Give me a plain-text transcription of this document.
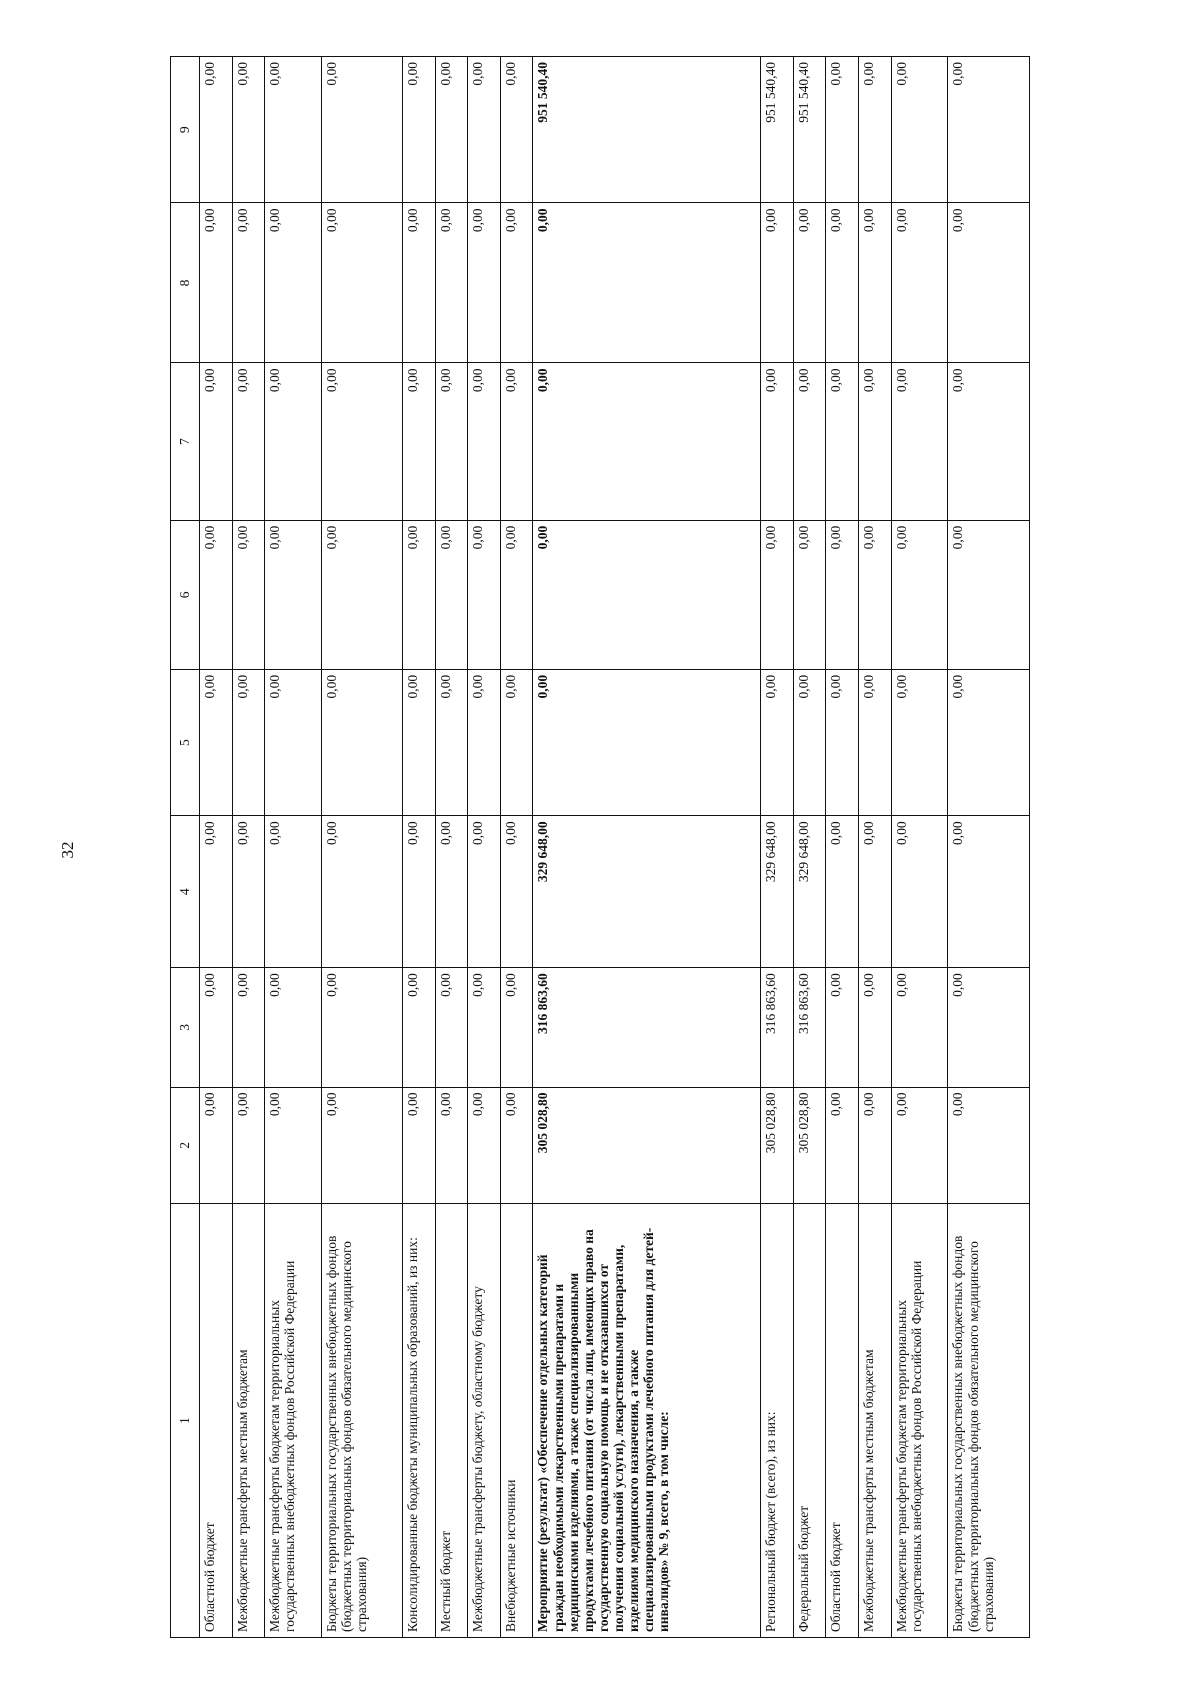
32
1	2	3	4	5	6	7	8	9
Областной бюджет	0,00	0,00	0,00	0,00	0,00	0,00	0,00	0,00
Межбюджетные трансферты местным бюджетам	0,00	0,00	0,00	0,00	0,00	0,00	0,00	0,00
Межбюджетные трансферты бюджетам территориальных государственных внебюджетных фондов Российской Федерации	0,00	0,00	0,00	0,00	0,00	0,00	0,00	0,00
Бюджеты территориальных государственных внебюджетных фондов (бюджетных территориальных фондов обязательного медицинского страхования)	0,00	0,00	0,00	0,00	0,00	0,00	0,00	0,00
Консолидированные бюджеты муниципальных образований, из них:	0,00	0,00	0,00	0,00	0,00	0,00	0,00	0,00
Местный бюджет	0,00	0,00	0,00	0,00	0,00	0,00	0,00	0,00
Межбюджетные трансферты бюджету, областному бюджету	0,00	0,00	0,00	0,00	0,00	0,00	0,00	0,00
Внебюджетные источники	0,00	0,00	0,00	0,00	0,00	0,00	0,00	0,00
Мероприятие (результат) «Обеспечение отдельных категорий граждан необходимыми лекарственными препаратами и медицинскими изделиями, а также специализированными продуктами лечебного питания (от числа лиц, имеющих право на государственную социальную помощь и не отказавшихся от получения социальной услуги), лекарственными препаратами, изделиями медицинского назначения, а также специализированными продуктами лечебного питания для детей-инвалидов» № 9, всего, в том числе:	305 028,80	316 863,60	329 648,00	0,00	0,00	0,00	0,00	951 540,40
Региональный бюджет (всего), из них:	305 028,80	316 863,60	329 648,00	0,00	0,00	0,00	0,00	951 540,40
Федеральный бюджет	305 028,80	316 863,60	329 648,00	0,00	0,00	0,00	0,00	951 540,40
Областной бюджет	0,00	0,00	0,00	0,00	0,00	0,00	0,00	0,00
Межбюджетные трансферты местным бюджетам	0,00	0,00	0,00	0,00	0,00	0,00	0,00	0,00
Межбюджетные трансферты бюджетам территориальных государственных внебюджетных фондов Российской Федерации	0,00	0,00	0,00	0,00	0,00	0,00	0,00	0,00
Бюджеты территориальных государственных внебюджетных фондов (бюджетных территориальных фондов обязательного медицинского страхования)	0,00	0,00	0,00	0,00	0,00	0,00	0,00	0,00
